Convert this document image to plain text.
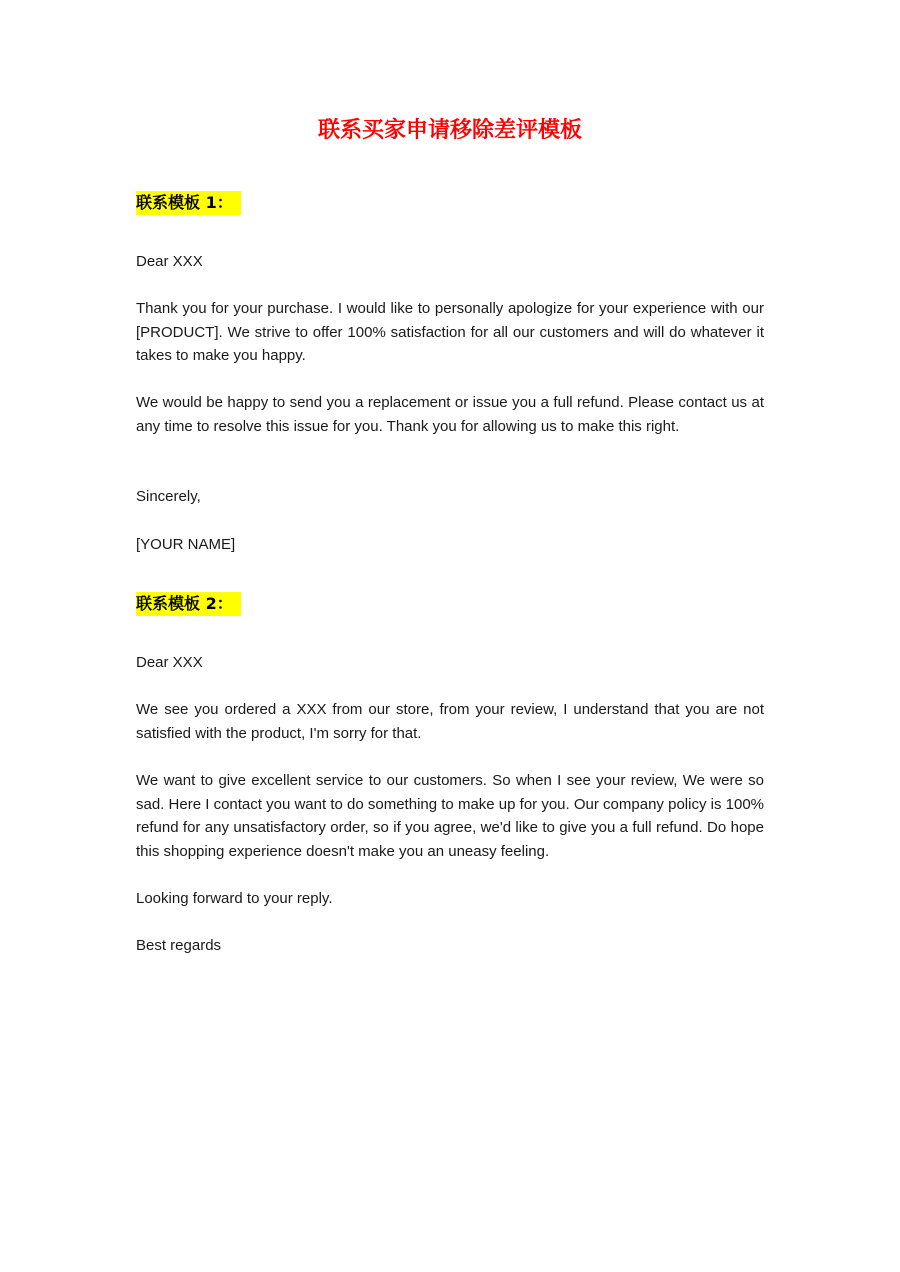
联系买家申请移除差评模板
联系模板 1：

Dear XXX

Thank you for your purchase. I would like to personally apologize for your experience with our [PRODUCT]. We strive to offer 100% satisfaction for all our customers and will do whatever it takes to make you happy.

We would be happy to send you a replacement or issue you a full refund. Please contact us at any time to resolve this issue for you. Thank you for allowing us to make this right.

Sincerely,

[YOUR NAME]

联系模板 2：

Dear XXX

We see you ordered a XXX from our store, from your review, I understand that you are not satisfied with the product, I'm sorry for that.

We want to give excellent service to our customers. So when I see your review, We were so sad. Here I contact you want to do something to make up for you. Our company policy is 100% refund for any unsatisfactory order, so if you agree, we'd like to give you a full refund. Do hope this shopping experience doesn't make you an uneasy feeling.

Looking forward to your reply.

Best regards
